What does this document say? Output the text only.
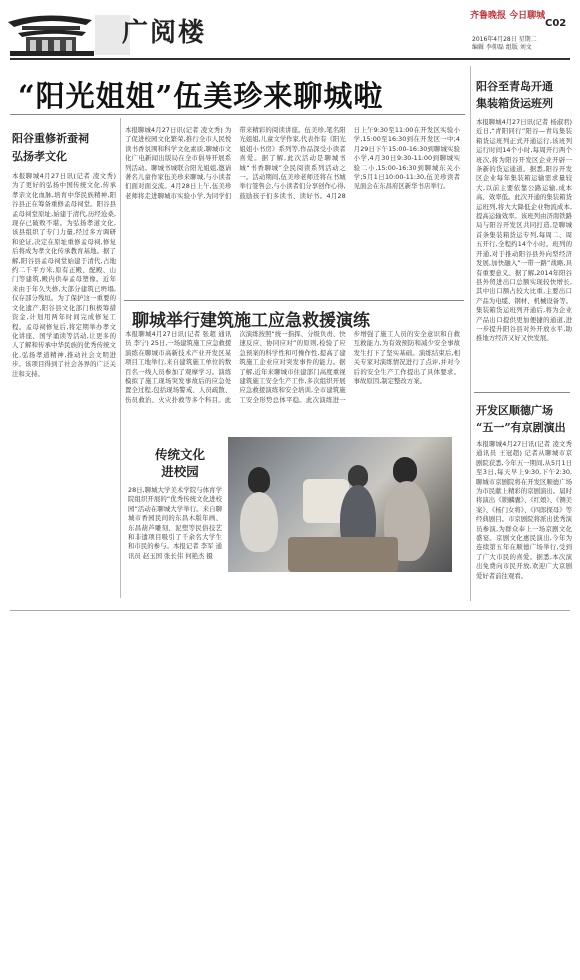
广阅楼
齐鲁晚报 今日聊城
C02
2016年4月28日 星期二
编辑 李仰磊 组版 刘文
“阳光姐姐”伍美珍来聊城啦
阳谷重修祈蚕祠
弘扬孝文化
本报聊城4月27日讯(记者 凌文秀) 为了更好的弘扬中国传统文化,传承孝亲文化血脉,培育中华民族精神,阳谷县正在筹备重修孟母祠堂。阳谷县孟母祠堂原址,始建于清代,历经沧桑,现存已破败不堪。为弘扬孝道文化,该县组织了专门力量,经过多方调研和论证,决定在原址重修孟母祠,修复后将成为孝文化传承教育基地。据了解,阳谷县孟母祠堂始建于清代,占地约二千平方米,原有正殿、配殿、山门等建筑,殿内供奉孟母塑像。近年来由于年久失修,大部分建筑已坍塌,仅存部分残垣。为了保护这一重要的文化遗产,阳谷县文化部门积极筹措资金,计划用两年时间完成修复工程。孟母祠修复后,将定期举办孝文化讲座、国学诵读等活动,让更多的人了解和传承中华民族的优秀传统文化,弘扬孝道精神,推动社会文明进步。该项目得到了社会各界的广泛关注和支持。
本报聊城4月27日讯(记者 凌文秀) 为了促进校园文化繁荣,推行全市人民悦读书香氛围和科学文化素质,聊城市文化广电新闻出版局在全市倡导开展系列活动。聊城书城联合阳光姐姐,邀请著名儿童作家伍美珍来聊城,与小读者们面对面交流。4月28日上午,伍美珍老师将走进聊城市实验小学,为同学们带来精彩的阅读讲座。伍美珍,笔名阳光姐姐,儿童文学作家,代表作有《阳光姐姐小书房》系列等,作品深受小读者喜爱。据了解,此次活动是聊城书城“书香聊城”全民阅读系列活动之一。活动期间,伍美珍老师还将在书城举行签售会,与小读者们分享创作心得,鼓励孩子们多读书、读好书。4月28日上午9:30至11:00在开发区实验小学,15:00至16:30到在开发区一中;4月29日下午15:00-16:30到聊城实验小学,4月30日9:30-11:00到聊城实验二小,15:00-16:30到聊城东关小学;5月1日10:00-11:30,伍美珍读者见面会在东昌府区新华书店举行。
聊城举行建筑施工应急救援演练
本报聊城4月27日讯(记者 张超 通讯员 李宁) 25日,一场建筑施工应急救援演练在聊城市高新技术产业开发区某项目工地举行,来自建筑施工单位的数百名一线人员参加了观摩学习。演练模拟了施工现场突发事故后的应急处置全过程,包括现场警戒、人员疏散、伤员救治、火灾扑救等多个科目。此次演练按照“统一指挥、分级负责、快速反应、协同应对”的原则,检验了应急预案的科学性和可操作性,提高了建筑施工企业应对突发事件的能力。据了解,近年来聊城市住建部门高度重视建筑施工安全生产工作,多次组织开展应急救援演练和安全培训,全市建筑施工安全形势总体平稳。此次演练进一步增强了施工人员的安全意识和自救互救能力,为有效预防和减少安全事故发生打下了坚实基础。演练结束后,相关专家对演练情况进行了点评,并对今后的安全生产工作提出了具体要求。事故原因,制定整改方案。
传统文化
进校园
28日,聊城大学美术学院与体育学院组织开展的“优秀传统文化进校园”活动在聊城大学举行。来自聊城市香园民间的东昌木版年画、东昌葫芦雕刻、泥塑等民俗技艺和非遗项目吸引了千余名大学生和市民的参与。本报记者 李军 通讯员 赵玉国 张长伟 何艳杰 摄
阳谷至青岛开通
集装箱货运班列
本报聊城4月27日讯(记者 杨淑君) 近日,“青阳同行”阳谷—青岛集装箱货运班列正式开通运行,该班列运行时间14个小时,每周开行两个班次,将为阳谷开发区企业开辟一条新的货运通道。据悉,阳谷开发区企业每年集装箱运输需求量较大,以前主要依靠公路运输,成本高、效率低。此次开通的集装箱货运班列,将大大降低企业物流成本,提高运输效率。该班列由济南铁路局与阳谷开发区共同打造,是聊城首条集装箱货运专列,每周二、周五开行,全程约14个小时。班列的开通,对于推动阳谷县外向型经济发展,加快融入“一带一路”战略,具有重要意义。据了解,2014年阳谷县外贸进出口总额实现较快增长,其中出口额占较大比重,主要出口产品为电缆、钢材、机械设备等。集装箱货运班列开通后,将为企业产品出口提供更加便捷的通道,进一步提升阳谷县对外开放水平,助推地方经济又好又快发展。
开发区顺德广场
“五一”有京剧演出
本报聊城4月27日讯(记者 凌文秀 通讯员 王冠超) 记者从聊城市京剧院获悉,今年五一期间,从5月1日至3日,每天早上9:30,下午2:30,聊城市京剧院将在开发区顺德广场为市民献上精彩的京剧演出。届时将演出《锁麟囊》、《红娘》、《铡美案》、《杨门女将》、《四郎探母》等经典剧目。市京剧院将派出优秀演员参演,为群众奉上一场京剧文化盛宴。京剧文化惠民演出,今年为连续第五年在顺德广场举行,受到了广大市民的喜爱。据悉,本次演出免费向市民开放,欢迎广大京剧爱好者前往观看。
